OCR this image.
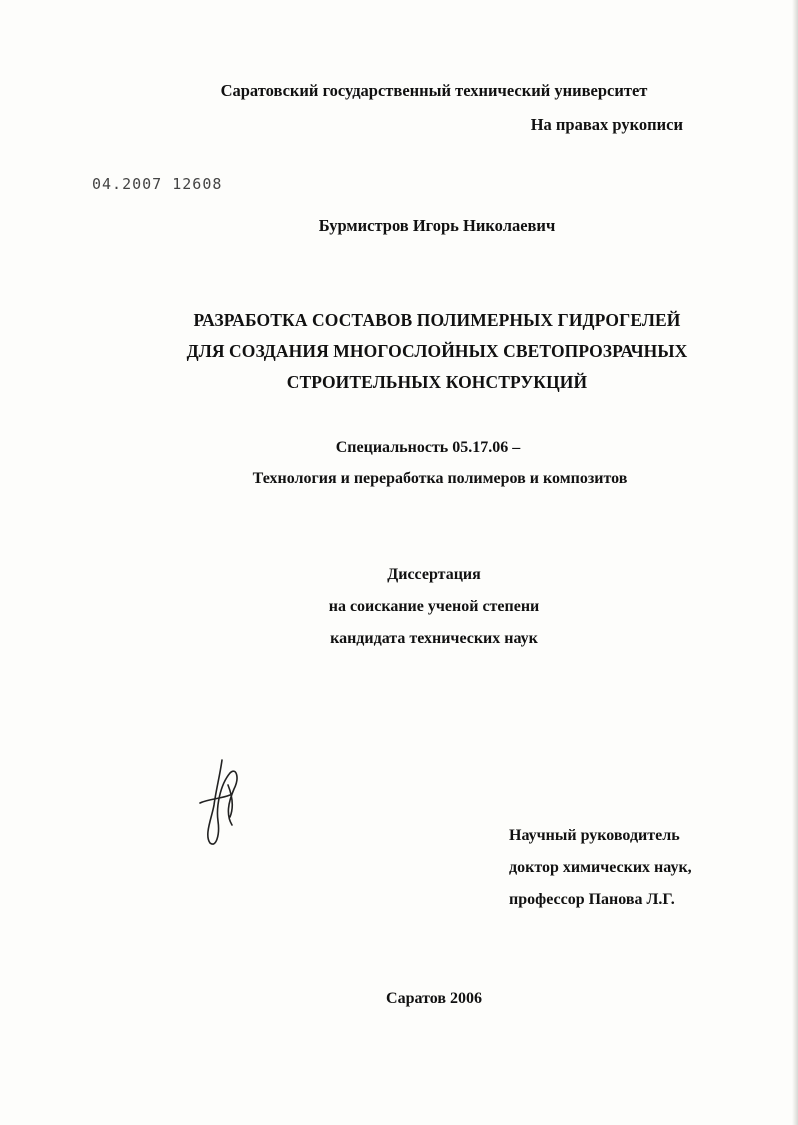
Саратовский государственный технический университет
На правах рукописи
04.2007 12608
Бурмистров Игорь Николаевич
РАЗРАБОТКА СОСТАВОВ ПОЛИМЕРНЫХ ГИДРОГЕЛЕЙ
ДЛЯ СОЗДАНИЯ МНОГОСЛОЙНЫХ СВЕТОПРОЗРАЧНЫХ
СТРОИТЕЛЬНЫХ КОНСТРУКЦИЙ
Специальность 05.17.06 –
Технология и переработка полимеров и композитов
Диссертация
на соискание ученой степени
кандидата технических наук
Научный руководитель
доктор химических наук,
профессор Панова Л.Г.
Саратов 2006
